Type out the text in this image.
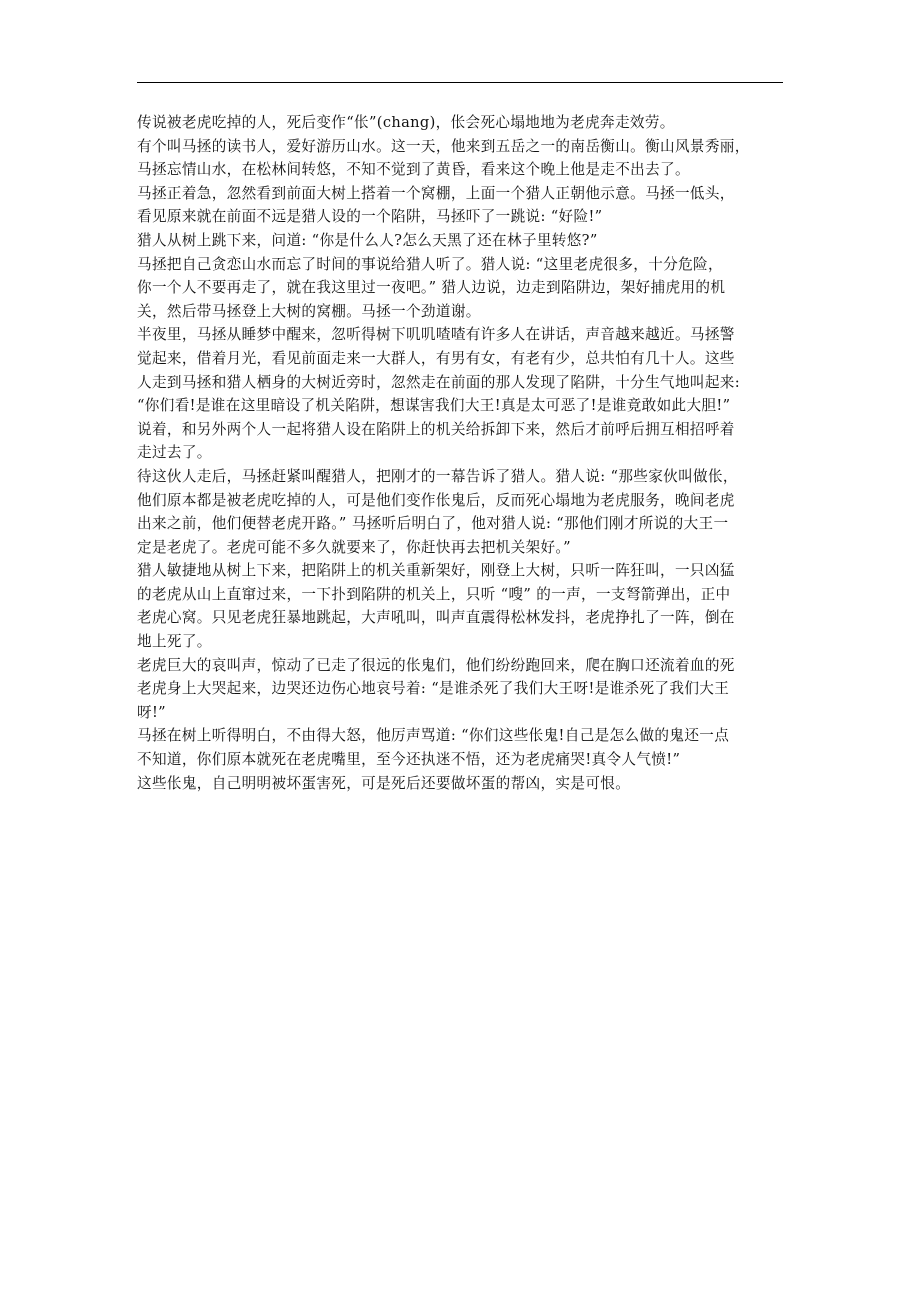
传说被老虎吃掉的人，死后变作“伥”(chang)，伥会死心塌地地为老虎奔走效劳。

有个叫马拯的读书人，爱好游历山水。这一天，他来到五岳之一的南岳衡山。衡山风景秀丽，
马拯忘情山水，在松林间转悠，不知不觉到了黄昏，看来这个晚上他是走不出去了。

马拯正着急，忽然看到前面大树上搭着一个窝棚，上面一个猎人正朝他示意。马拯一低头，
看见原来就在前面不远是猎人设的一个陷阱，马拯吓了一跳说: “好险!”

猎人从树上跳下来，问道: “你是什么人?怎么天黑了还在林子里转悠?”

马拯把自己贪恋山水而忘了时间的事说给猎人听了。猎人说: “这里老虎很多，十分危险，
你一个人不要再走了，就在我这里过一夜吧。” 猎人边说，边走到陷阱边，架好捕虎用的机
关，然后带马拯登上大树的窝棚。马拯一个劲道谢。

半夜里，马拯从睡梦中醒来，忽听得树下叽叽喳喳有许多人在讲话，声音越来越近。马拯警
觉起来，借着月光，看见前面走来一大群人，有男有女，有老有少，总共怕有几十人。这些
人走到马拯和猎人栖身的大树近旁时，忽然走在前面的那人发现了陷阱，十分生气地叫起来:
“你们看!是谁在这里暗设了机关陷阱，想谋害我们大王!真是太可恶了!是谁竟敢如此大胆!”
说着，和另外两个人一起将猎人设在陷阱上的机关给拆卸下来，然后才前呼后拥互相招呼着
走过去了。

待这伙人走后，马拯赶紧叫醒猎人，把刚才的一幕告诉了猎人。猎人说: “那些家伙叫做伥，
他们原本都是被老虎吃掉的人，可是他们变作伥鬼后，反而死心塌地为老虎服务，晚间老虎
出来之前，他们便替老虎开路。” 马拯听后明白了，他对猎人说: “那他们刚才所说的大王一
定是老虎了。老虎可能不多久就要来了，你赶快再去把机关架好。”

猎人敏捷地从树上下来，把陷阱上的机关重新架好，刚登上大树，只听一阵狂叫，一只凶猛
的老虎从山上直窜过来，一下扑到陷阱的机关上，只听 “嗖” 的一声，一支弩箭弹出，正中
老虎心窝。只见老虎狂暴地跳起，大声吼叫，叫声直震得松林发抖，老虎挣扎了一阵，倒在
地上死了。

老虎巨大的哀叫声，惊动了已走了很远的伥鬼们，他们纷纷跑回来，爬在胸口还流着血的死
老虎身上大哭起来，边哭还边伤心地哀号着: “是谁杀死了我们大王呀!是谁杀死了我们大王
呀!”

马拯在树上听得明白，不由得大怒，他厉声骂道: “你们这些伥鬼!自己是怎么做的鬼还一点
不知道，你们原本就死在老虎嘴里，至今还执迷不悟，还为老虎痛哭!真令人气愤!”

这些伥鬼，自己明明被坏蛋害死，可是死后还要做坏蛋的帮凶，实是可恨。
